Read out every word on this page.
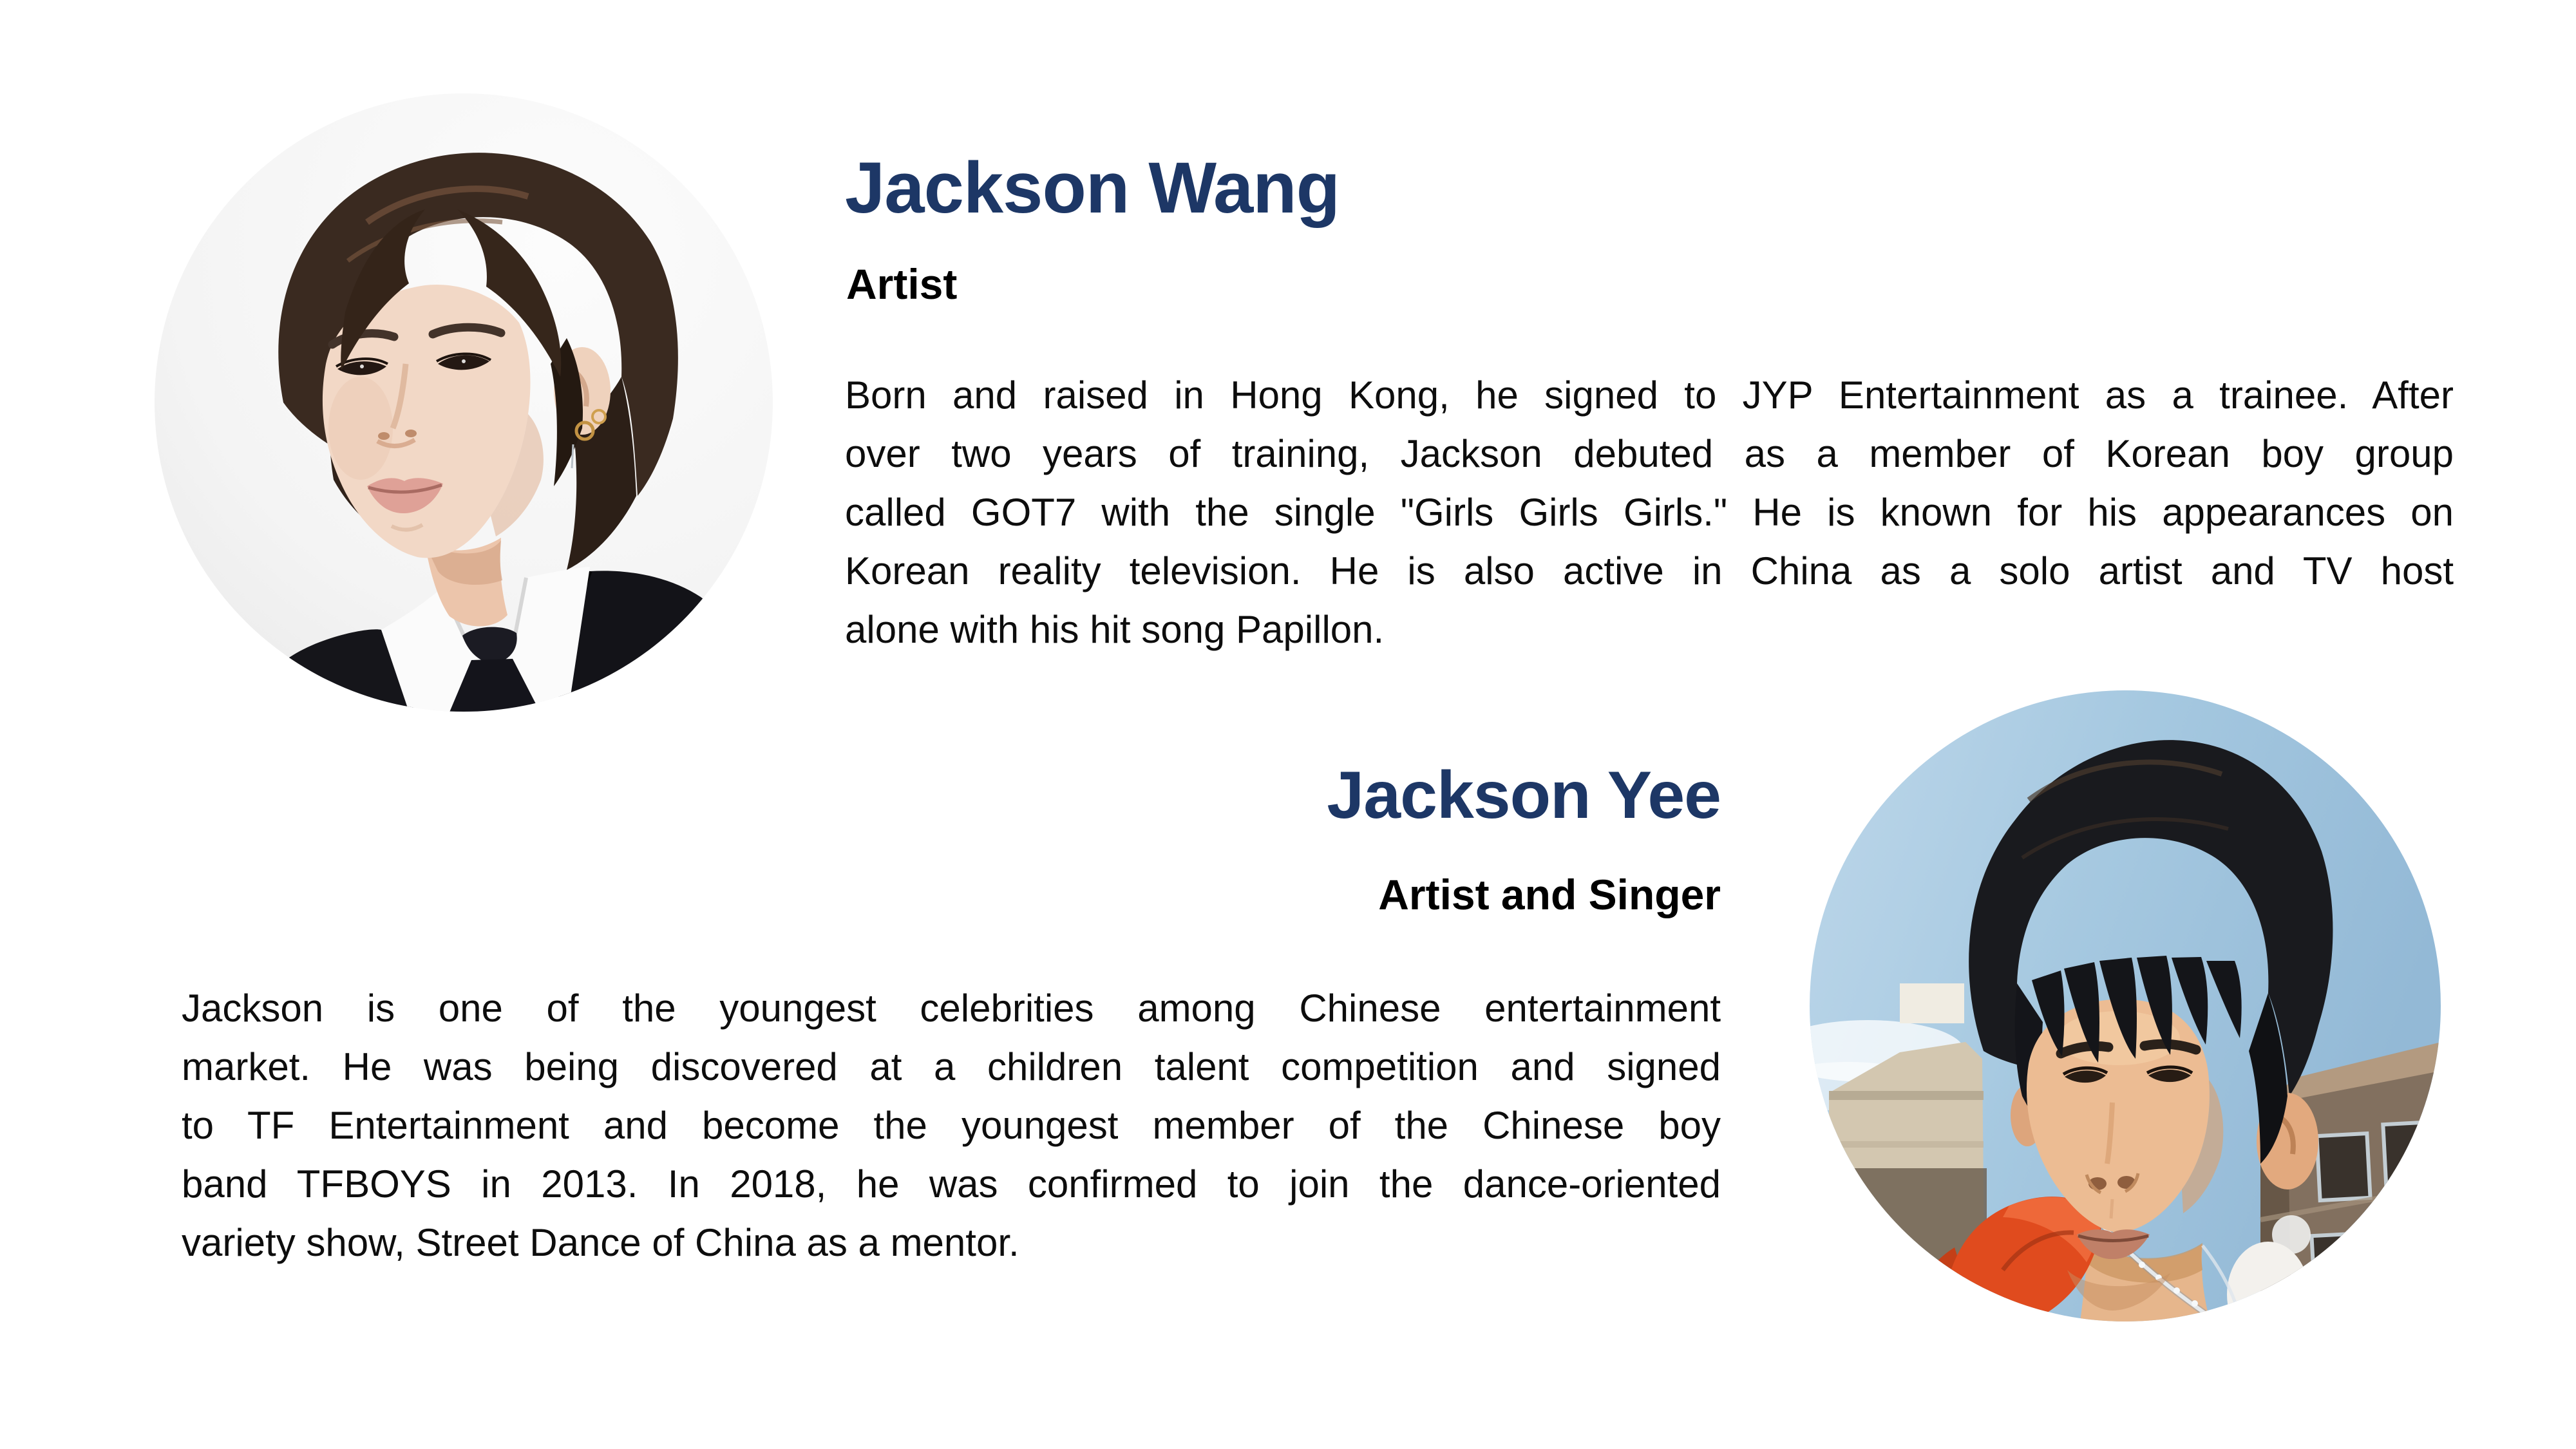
Jackson Wang
Artist
Born and raised in Hong Kong, he signed to JYP Entertainment as a trainee. After
over two years of training, Jackson debuted as a member of Korean boy group
called GOT7 with the single "Girls Girls Girls." He is known for his appearances on
Korean reality television. He is also active in China as a solo artist and TV host
alone with his hit song Papillon.
Jackson Yee
Artist and Singer
Jackson is one of the youngest celebrities among Chinese entertainment
market. He was being discovered at a children talent competition and signed
to TF Entertainment and become the youngest member of the Chinese boy
band TFBOYS in 2013. In 2018, he was confirmed to join the dance-oriented
variety show, Street Dance of China as a mentor.
